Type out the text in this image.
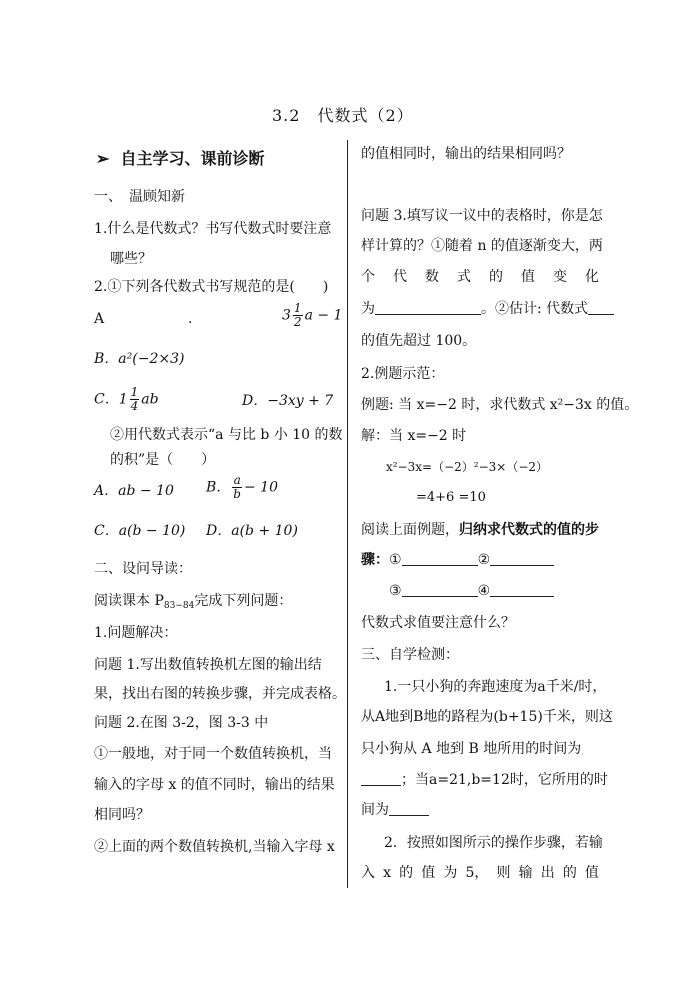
3.2　代数式（2）
➢ 自主学习、课前诊断
一、　温顾知新
1.什么是代数式？书写代数式时要注意
哪些？
2.①下列各代数式书写规范的是(　　)
A	.	$3 \frac{1}{2}$ a − 1
B．a²(−2×3)
C．$1 \frac{1}{4}$ ab	D．−3xy + 7
②用代数式表示“a 与比 b 小 10 的数
的积”是（　　）
A．ab − 10 B． $\frac{a}{b} - 10$
C．a(b − 10) D．a(b + 10)
二、设问导读：
阅读课本 $P_{83-84}$完成下列问题：
1.问题解决：
问题 1.写出数值转换机左图的输出结
果，找出右图的转换步骤，并完成表格。
问题 2.在图 3-2，图 3-3 中
①一般地，对于同一个数值转换机，当
输入的字母 x 的值不同时，输出的结果
相同吗？
②上面的两个数值转换机,当输入字母 x
的值相同时，输出的结果相同吗？
问题 3.填写议一议中的表格时，你是怎
样计算的？①随着 n 的值逐渐变大，两
个 代 数 式 的 值 变 化
为	。②估计: 代数式
的值先超过 100。
2.例题示范：
例题: 当 x=−2 时，求代数式 x²−3x 的值。
解：当 x=−2 时
x²−3x=（−2）²−3×（−2）
=4+6 =10
阅读上面例题，归纳求代数式的值的步
骤：①	②
③	④
代数式求值要注意什么？
三、自学检测：
1.一只小狗的奔跑速度为a千米/时，
从A地到B地的路程为(b+15)千米，则这
只小狗从 A 地到 B 地所用的时间为
；当a=21,b=12时，它所用的时
间为
2．按照如图所示的操作步骤，若输
入 x 的 值 为 5， 则 输 出 的 值
